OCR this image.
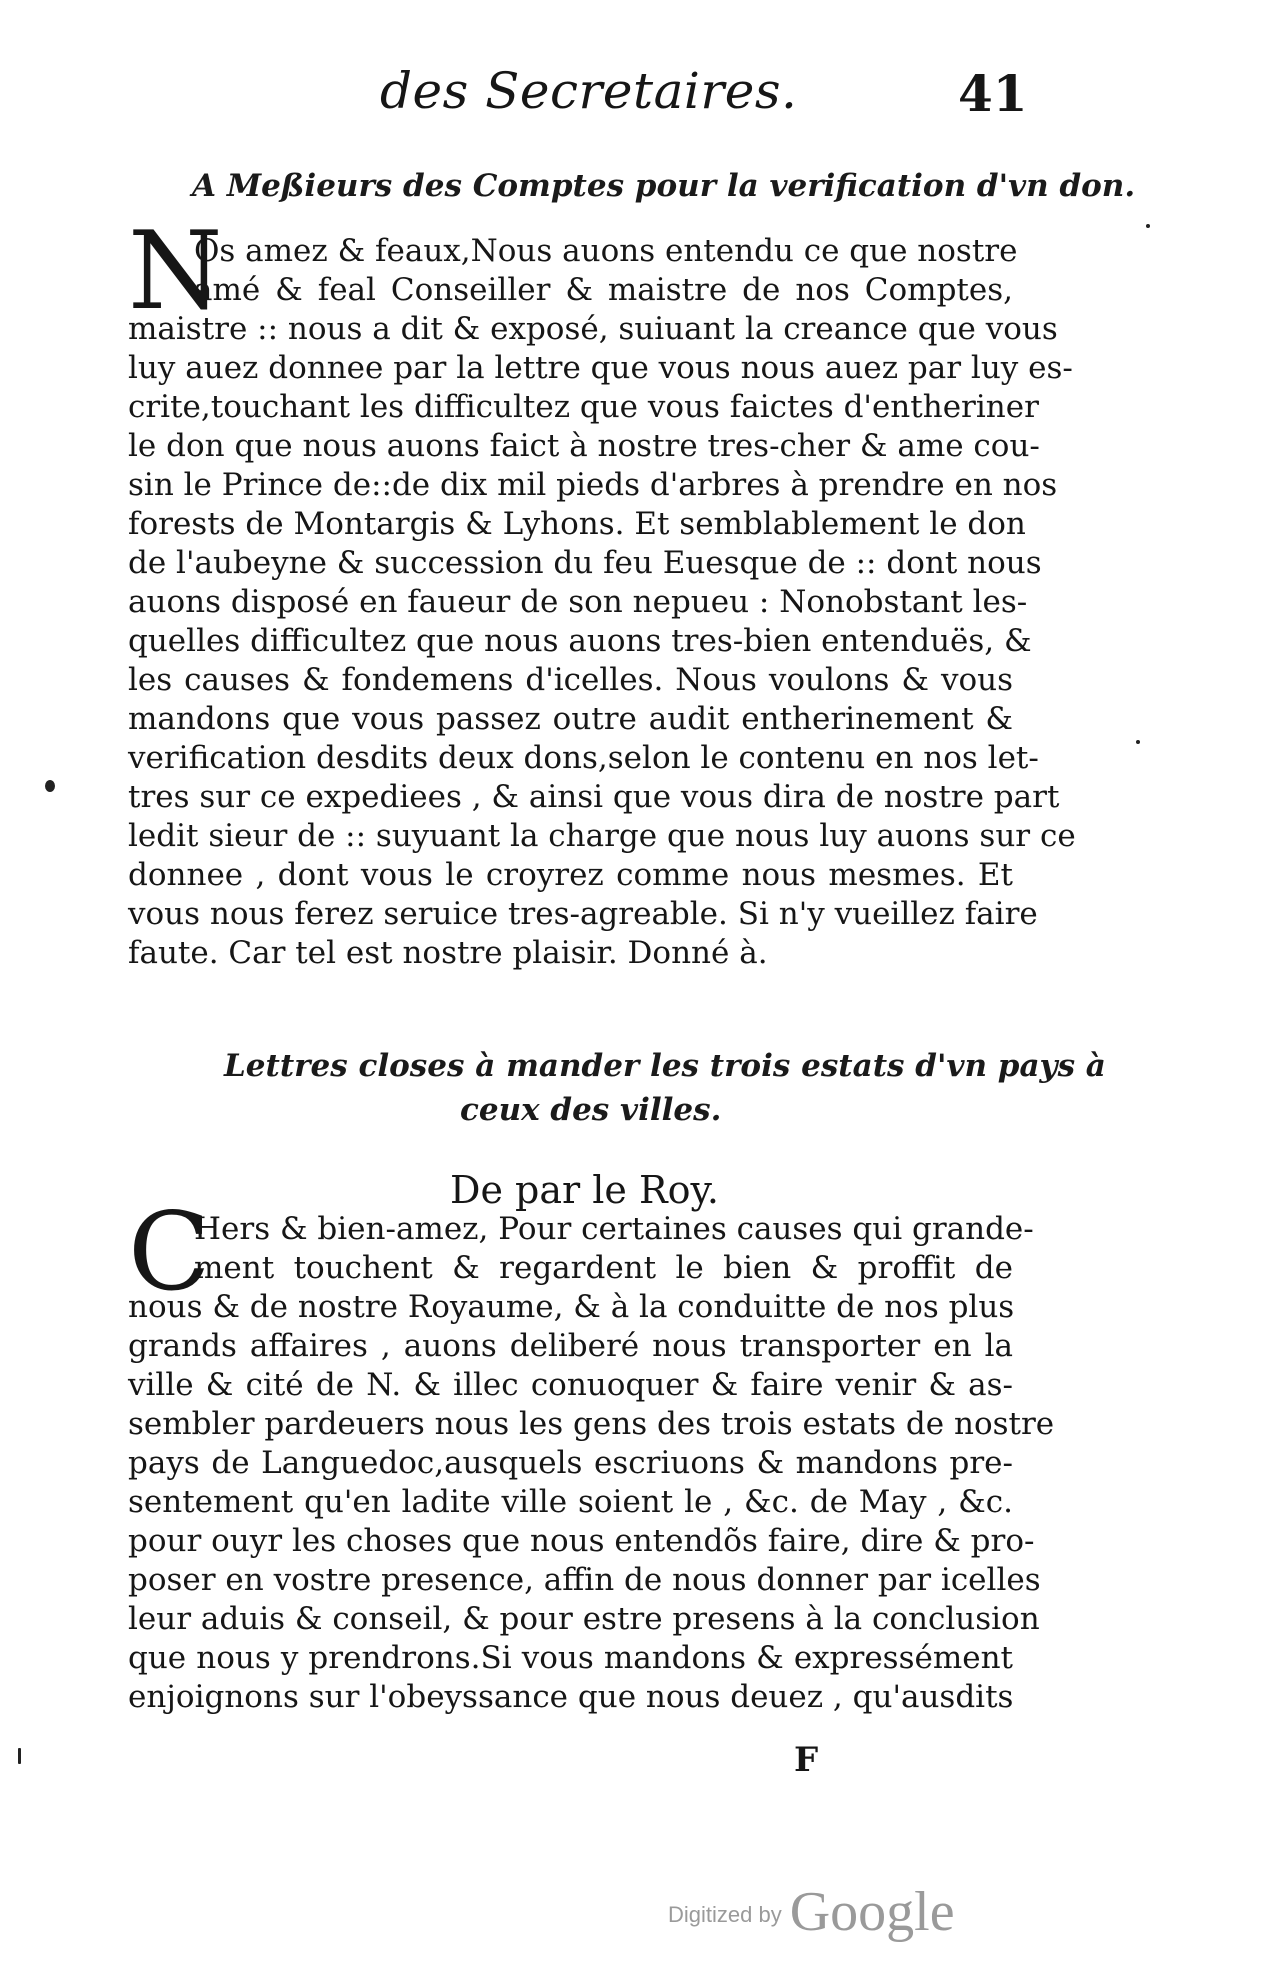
des Secretaires.	41
A Meßieurs des Comptes pour la verification d'vn don.
N
Os amez & feaux,Nous auons entendu ce que nostre
amé & feal Conseiller & maistre de nos Comptes,
maistre :: nous a dit & exposé, suiuant la creance que vous
luy auez donnee par la lettre que vous nous auez par luy es-
crite,touchant les difficultez que vous faictes d'entheriner
le don que nous auons faict à nostre tres-cher & ame cou-
sin le Prince de::de dix mil pieds d'arbres à prendre en nos
forests de Montargis & Lyhons. Et semblablement le don
de l'aubeyne & succession du feu Euesque de :: dont nous
auons disposé en faueur de son nepueu : Nonobstant les-
quelles difficultez que nous auons tres-bien entenduës, &
les causes & fondemens d'icelles. Nous voulons & vous
mandons que vous passez outre audit entherinement &
verification desdits deux dons,selon le contenu en nos let-
tres sur ce expediees , & ainsi que vous dira de nostre part
ledit sieur de :: suyuant la charge que nous luy auons sur ce
donnee , dont vous le croyrez comme nous mesmes. Et
vous nous ferez seruice tres-agreable. Si n'y vueillez faire
faute. Car tel est nostre plaisir. Donné à.
Lettres closes à mander les trois estats d'vn pays à
ceux des villes.
De par le Roy.
C
Hers & bien-amez, Pour certaines causes qui grande-
ment touchent & regardent le bien & proffit de
nous & de nostre Royaume, & à la conduitte de nos plus
grands affaires , auons deliberé nous transporter en la
ville & cité de N. & illec conuoquer & faire venir & as-
sembler pardeuers nous les gens des trois estats de nostre
pays de Languedoc,ausquels escriuons & mandons pre-
sentement qu'en ladite ville soient le , &c. de May , &c.
pour ouyr les choses que nous entendõs faire, dire & pro-
poser en vostre presence, affin de nous donner par icelles
leur aduis & conseil, & pour estre presens à la conclusion
que nous y prendrons.Si vous mandons & expressément
enjoignons sur l'obeyssance que nous deuez , qu'ausdits
F
Digitized by Google
